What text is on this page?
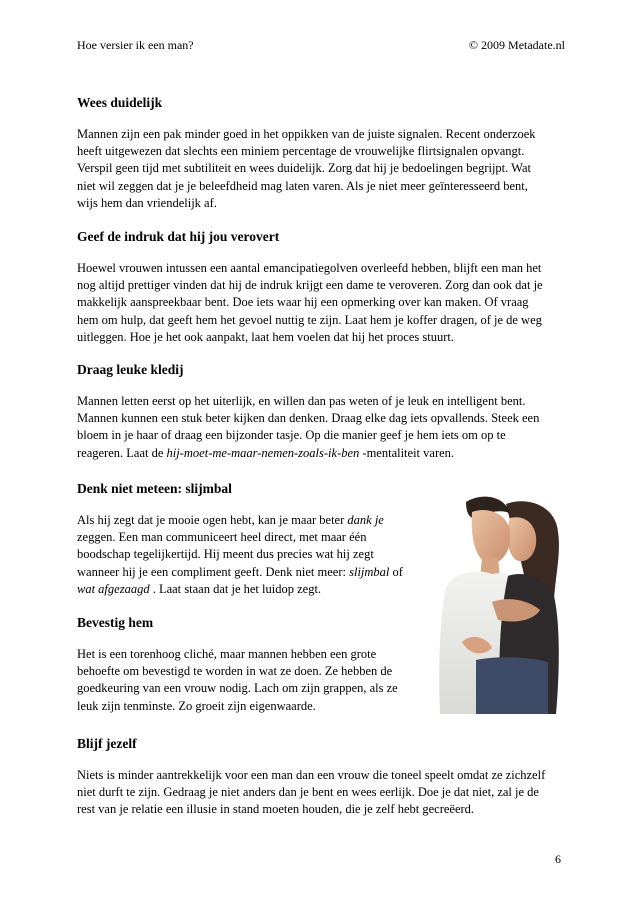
Hoe versier ik een man?	© 2009 Metadate.nl
Wees duidelijk

Mannen zijn een pak minder goed in het oppikken van de juiste signalen. Recent onderzoek
heeft uitgewezen dat slechts een miniem percentage de vrouwelijke flirtsignalen opvangt.
Verspil geen tijd met subtiliteit en wees duidelijk. Zorg dat hij je bedoelingen begrijpt. Wat
niet wil zeggen dat je je beleefdheid mag laten varen. Als je niet meer geïnteresseerd bent,
wijs hem dan vriendelijk af.

Geef de indruk dat hij jou verovert

Hoewel vrouwen intussen een aantal emancipatiegolven overleefd hebben, blijft een man het
nog altijd prettiger vinden dat hij de indruk krijgt een dame te veroveren. Zorg dan ook dat je
makkelijk aanspreekbaar bent. Doe iets waar hij een opmerking over kan maken. Of vraag
hem om hulp, dat geeft hem het gevoel nuttig te zijn. Laat hem je koffer dragen, of je de weg
uitleggen. Hoe je het ook aanpakt, laat hem voelen dat hij het proces stuurt.

Draag leuke kledij

Mannen letten eerst op het uiterlijk, en willen dan pas weten of je leuk en intelligent bent.
Mannen kunnen een stuk beter kijken dan denken. Draag elke dag iets opvallends. Steek een
bloem in je haar of draag een bijzonder tasje. Op die manier geef je hem iets om op te
reageren. Laat de hij-moet-me-maar-nemen-zoals-ik-ben -mentaliteit varen.

Denk niet meteen: slijmbal

Als hij zegt dat je mooie ogen hebt, kan je maar beter dank je
zeggen. Een man communiceert heel direct, met maar één
boodschap tegelijkertijd. Hij meent dus precies wat hij zegt
wanneer hij je een compliment geeft. Denk niet meer: slijmbal of
wat afgezaagd . Laat staan dat je het luidop zegt.

Bevestig hem

Het is een torenhoog cliché, maar mannen hebben een grote
behoefte om bevestigd te worden in wat ze doen. Ze hebben de
goedkeuring van een vrouw nodig. Lach om zijn grappen, als ze
leuk zijn tenminste. Zo groeit zijn eigenwaarde.

Blijf jezelf

Niets is minder aantrekkelijk voor een man dan een vrouw die toneel speelt omdat ze zichzelf
niet durft te zijn. Gedraag je niet anders dan je bent en wees eerlijk. Doe je dat niet, zal je de
rest van je relatie een illusie in stand moeten houden, die je zelf hebt gecreëerd.

6
